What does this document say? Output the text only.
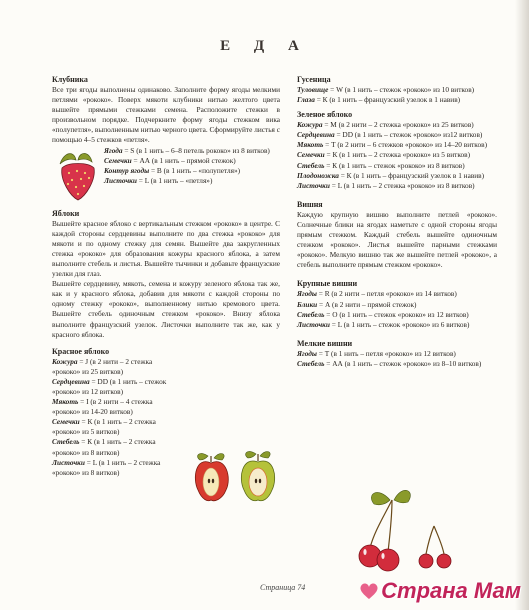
Е Д А
Клубника
Все три ягоды выполнены одинаково. Заполните форму ягоды мелкими петлями «рококо». Поверх мякоти клубники нитью желтого цвета вышейте прямыми стежками семена. Расположите стежки в произвольном порядке. Подчеркните форму ягоды стежком вика «полупетля», выполненным нитью черного цвета. Сформируйте листья с помощью 4–5 стежков «петля».
Ягода = S (в 1 нить – 6–8 петель рококо» из 8 витков)
Семечки = АА (в 1 нить – прямой стежок)
Контур ягоды = В (в 1 нить – «полупетля»)
Листочки = L (в 1 нить – «петля»)
Яблоки
Вышейте красное яблоко с вертикальным стежком «рококо» в центре. С каждой стороны сердцевины выполните по два стежка «рококо» для мякоти и по одному стежку для семян. Вышейте два закругленных стежка «рококо» для образования кожуры красного яблока, а затем выполните стебель и листья. Вышейте тычинки и добавьте французские узелки для глаз.
Вышейте сердцевину, мякоть, семена и кожуру зеленого яблока так же, как и у красного яблока, добавив для мякоти с каждой стороны по одному стежку «рококо», выполненному нитью кремового цвета. Вышейте стебель одиночным стежком «рококо». Внизу яблока выполните французский узелок. Листочки выполните так же, как у красного яблока.
Красное яблоко
Кожура = J (в 2 нити – 2 стежка «рококо» из 25 витков)
Сердцевина = DD (в 1 нить – стежок «рококо» из 12 витков)
Мякоть = I (в 2 нити – 4 стежка «рококо» из 14-20 витков)
Семечки = К (в 1 нить – 2 стежка «рококо» из 5 витков)
Стебель = К (в 1 нить – 2 стежка «рококо» из 8 витков)
Листочки = L (в 1 нить – 2 стежка «рококо» из 8 витков)
Гусеница
Туловище = W (в 1 нить – стежок «рококо» из 10 витков)
Глаза = К (в 1 нить – французский узелок в 1 навив)
Зеленое яблоко
Кожура = М (в 2 нити – 2 стежка «рококо» из 25 витков)
Сердцевина = DD (в 1 нить – стежок «рококо» из12 витков)
Мякоть = Т (в 2 нити – 6 стежков «рококо» из 14–20 витков)
Семечки = К (в 1 нить – 2 стежка «рококо» из 5 витков)
Стебель = К (в 1 нить – стежок «рококо» из 8 витков)
Плодоножка = К (в 1 нить – французский узелок в 1 навив)
Листочки = L (в 1 нить – 2 стежка «рококо» из 8 витков)
Вишня
Каждую крупную вишню выполните петлей «рококо». Солнечные блики на ягодах наметьте с одной стороны ягоды прямым стежком. Каждый стебель вышейте одиночным стежком «рококо». Листья вышейте парными стежками «рококо». Мелкую вишню так же вышейте петлей «рококо», а стебель выполните прямым стежком «рококо».
Крупные вишни
Ягоды = R (в 2 нити – петля «рококо» из 14 витков)
Блики = А (в 2 нити – прямой стежок)
Стебель = О (в 1 нить – стежок «рококо» из 12 витков)
Листочки = L (в 1 нить – стежок «рококо» из 6 витков)
Мелкие вишни
Ягоды = Т (в 1 нить – петля «рококо» из 12 витков)
Стебель = АА (в 1 нить – стежок «рококо» из 8–10 витков)
Страница 74	Страна Мам
